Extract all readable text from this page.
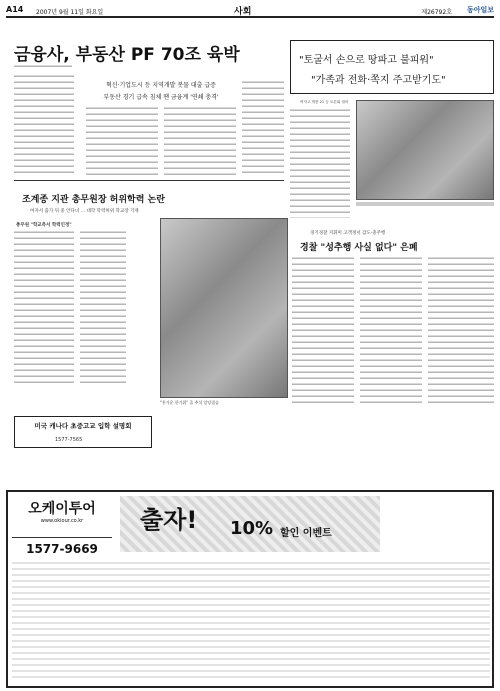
A14 2007년 9월 11일 화요일	사회	제26792호 동아일보
금융사, 부동산 PF 70조 육박
혁신·기업도시 등 지역개발 봇물 대출 급증
부동산 경기 급속 침체 땐 금융계 '연쇄 충격'
"토굴서 손으로 땅파고 불피워"
"가족과 전화·쪽지 주고받기도"
여자고 개봉 21 등 토론회 열어
조계종 지관 총무원장 허위학력 논란
여자서 출가 뒤 중 안다녀 … 대학 학력허위 학교장 기재
총무원 "학교측서 학력인정"
"홍가운 한가위" 줄 추석 앞당겼습
경기경찰 지휘미 고객정서 감도·충주행
경찰 "성추행 사실 없다" 은폐
미국 캐나다 초중고교 입학 설명회
1577-7565
오케이투어
www.okiour.co.kr
1577-9669
출자! 10% 할인 이벤트
